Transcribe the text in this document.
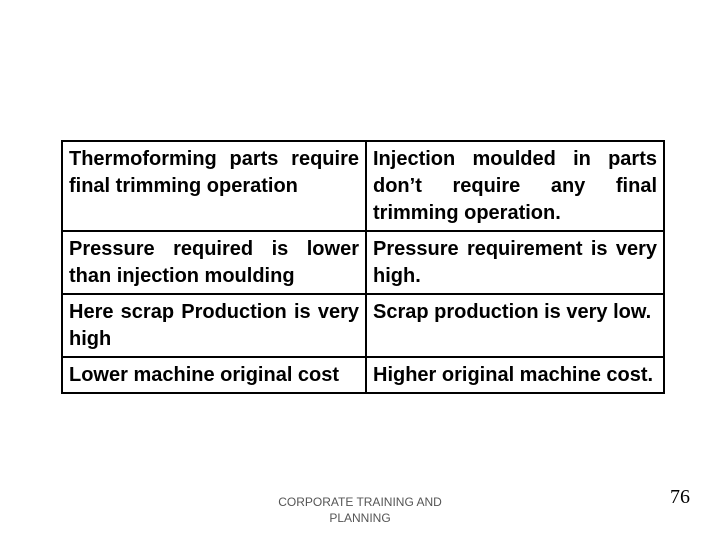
Thermoforming parts require final trimming operation	Injection moulded in parts don’t require any final trimming operation.
Pressure required is lower than injection moulding	Pressure requirement is very high.
Here scrap Production is very high	Scrap production is very low.
Lower machine original cost	Higher original machine cost.
CORPORATE TRAINING AND
PLANNING
76
